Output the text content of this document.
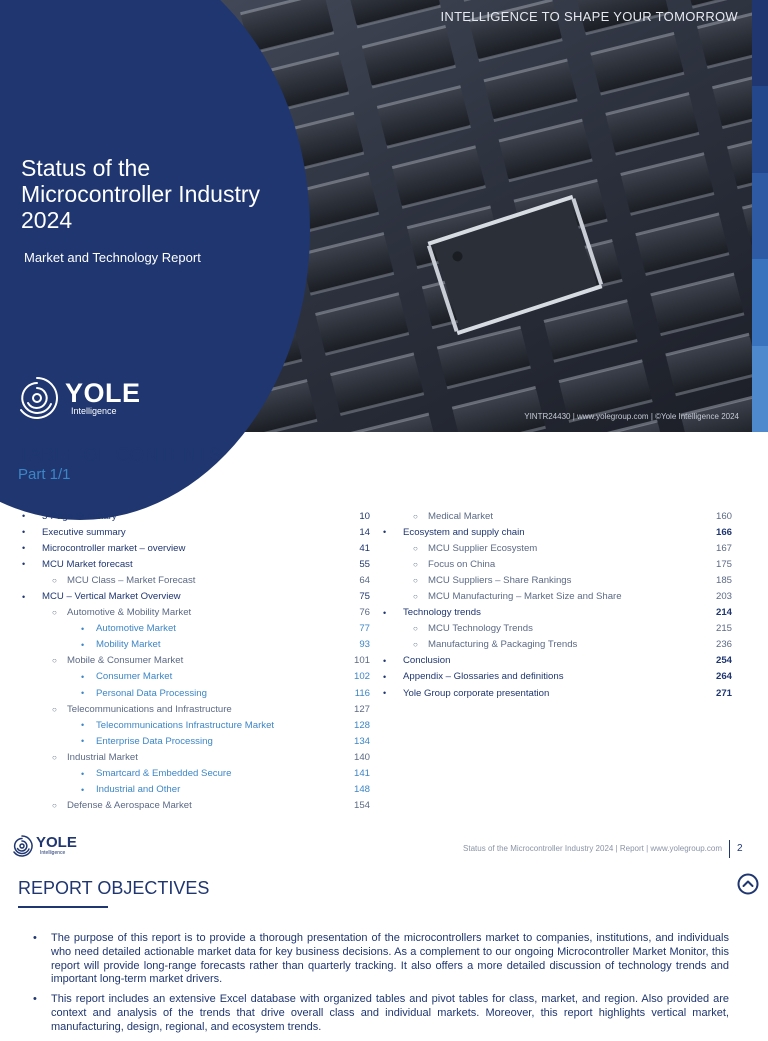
INTELLIGENCE TO SHAPE YOUR TOMORROW
Status of the Microcontroller Industry 2024
Market and Technology Report
YOLE
Intelligence
YINTR24430 | www.yolegroup.com | ©Yole Intelligence 2024
TABLE OF CONTENTS
Part 1/1
• 3-Page Summary	10
• Executive summary	14
• Microcontroller market – overview	41
• MCU Market forecast	55
○ MCU Class – Market Forecast	64
• MCU – Vertical Market Overview	75
○ Automotive & Mobility Market	76
• Automotive Market	77
• Mobility Market	93
○ Mobile & Consumer Market	101
• Consumer Market	102
• Personal Data Processing	116
○ Telecommunications and Infrastructure	127
• Telecommunications Infrastructure Market	128
• Enterprise Data Processing	134
○ Industrial Market	140
• Smartcard & Embedded Secure	141
• Industrial and Other	148
○ Defense & Aerospace Market	154
○ Medical Market	160
• Ecosystem and supply chain	166
○ MCU Supplier Ecosystem	167
○ Focus on China	175
○ MCU Suppliers – Share Rankings	185
○ MCU Manufacturing – Market Size and Share	203
• Technology trends	214
○ MCU Technology Trends	215
○ Manufacturing & Packaging Trends	236
• Conclusion	254
• Appendix – Glossaries and definitions	264
• Yole Group corporate presentation	271
YOLE
Intelligence	Status of the Microcontroller Industry 2024 | Report | www.yolegroup.com 2
REPORT OBJECTIVES
• The purpose of this report is to provide a thorough presentation of the microcontrollers market to companies, institutions, and individuals who need detailed actionable market data for key business decisions. As a complement to our ongoing Microcontroller Market Monitor, this report will provide long-range forecasts rather than quarterly tracking. It also offers a more detailed discussion of technology trends and important long-term market drivers.
• This report includes an extensive Excel database with organized tables and pivot tables for class, market, and region. Also provided are context and analysis of the trends that drive overall class and individual markets. Moreover, this report highlights vertical market, manufacturing, design, regional, and ecosystem trends.
